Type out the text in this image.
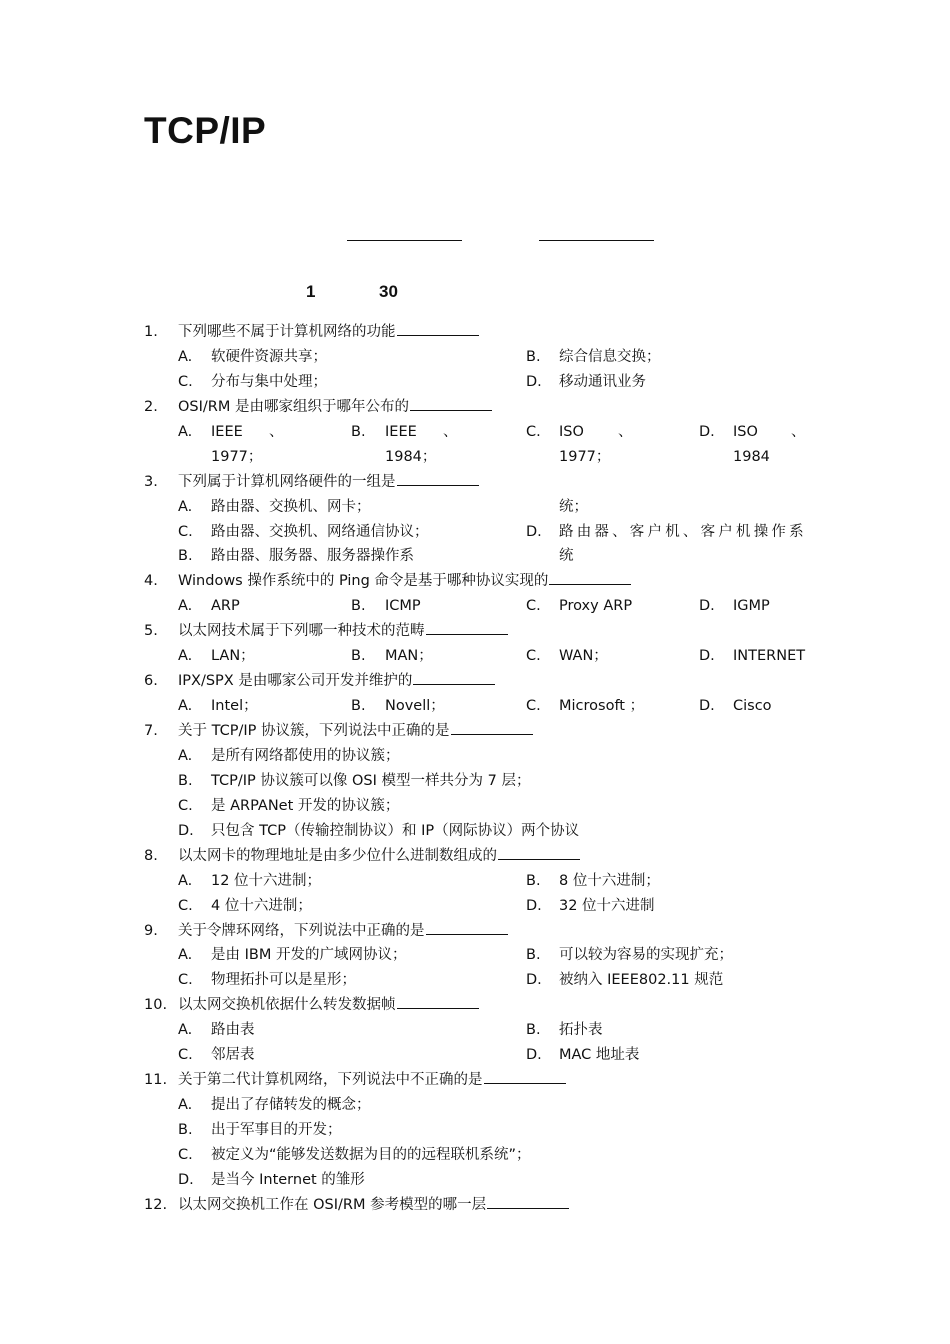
TCP/IP
1	30
1. 下列哪些不属于计算机网络的功能
A. 软硬件资源共享；	B. 综合信息交换；
C. 分布与集中处理；	D. 移动通讯业务
2. OSI/RM 是由哪家组织于哪年公布的
A. IEEE 、	B. IEEE 、	C. ISO 、	D. ISO 、
1977；	1984；	1977；	1984
3. 下列属于计算机网络硬件的一组是
A. 路由器、交换机、网卡；	统；
C. 路由器、交换机、网络通信协议；	D. 路由器、客户机、客户机操作系
B. 路由器、服务器、服务器操作系	统
4. Windows 操作系统中的 Ping 命令是基于哪种协议实现的
A. ARP	B. ICMP	C. Proxy ARP	D. IGMP
5. 以太网技术属于下列哪一种技术的范畴
A. LAN；	B. MAN；	C. WAN；	D. INTERNET
6. IPX/SPX 是由哪家公司开发并维护的
A. Intel；	B. Novell；	C. Microsoft ；	D. Cisco
7. 关于 TCP/IP 协议簇，下列说法中正确的是
A. 是所有网络都使用的协议簇；
B. TCP/IP 协议簇可以像 OSI 模型一样共分为 7 层；
C. 是 ARPANet 开发的协议簇；
D. 只包含 TCP（传输控制协议）和 IP（网际协议）两个协议
8. 以太网卡的物理地址是由多少位什么进制数组成的
A. 12 位十六进制；	B. 8 位十六进制；
C. 4 位十六进制；	D. 32 位十六进制
9. 关于令牌环网络，下列说法中正确的是
A. 是由 IBM 开发的广域网协议；	B. 可以较为容易的实现扩充；
C. 物理拓扑可以是星形；	D. 被纳入 IEEE802.11 规范
10. 以太网交换机依据什么转发数据帧
A. 路由表	B. 拓扑表
C. 邻居表	D. MAC 地址表
11. 关于第二代计算机网络，下列说法中不正确的是
A. 提出了存储转发的概念；
B. 出于军事目的开发；
C. 被定义为“能够发送数据为目的的远程联机系统”；
D. 是当今 Internet 的雏形
12. 以太网交换机工作在 OSI/RM 参考模型的哪一层
